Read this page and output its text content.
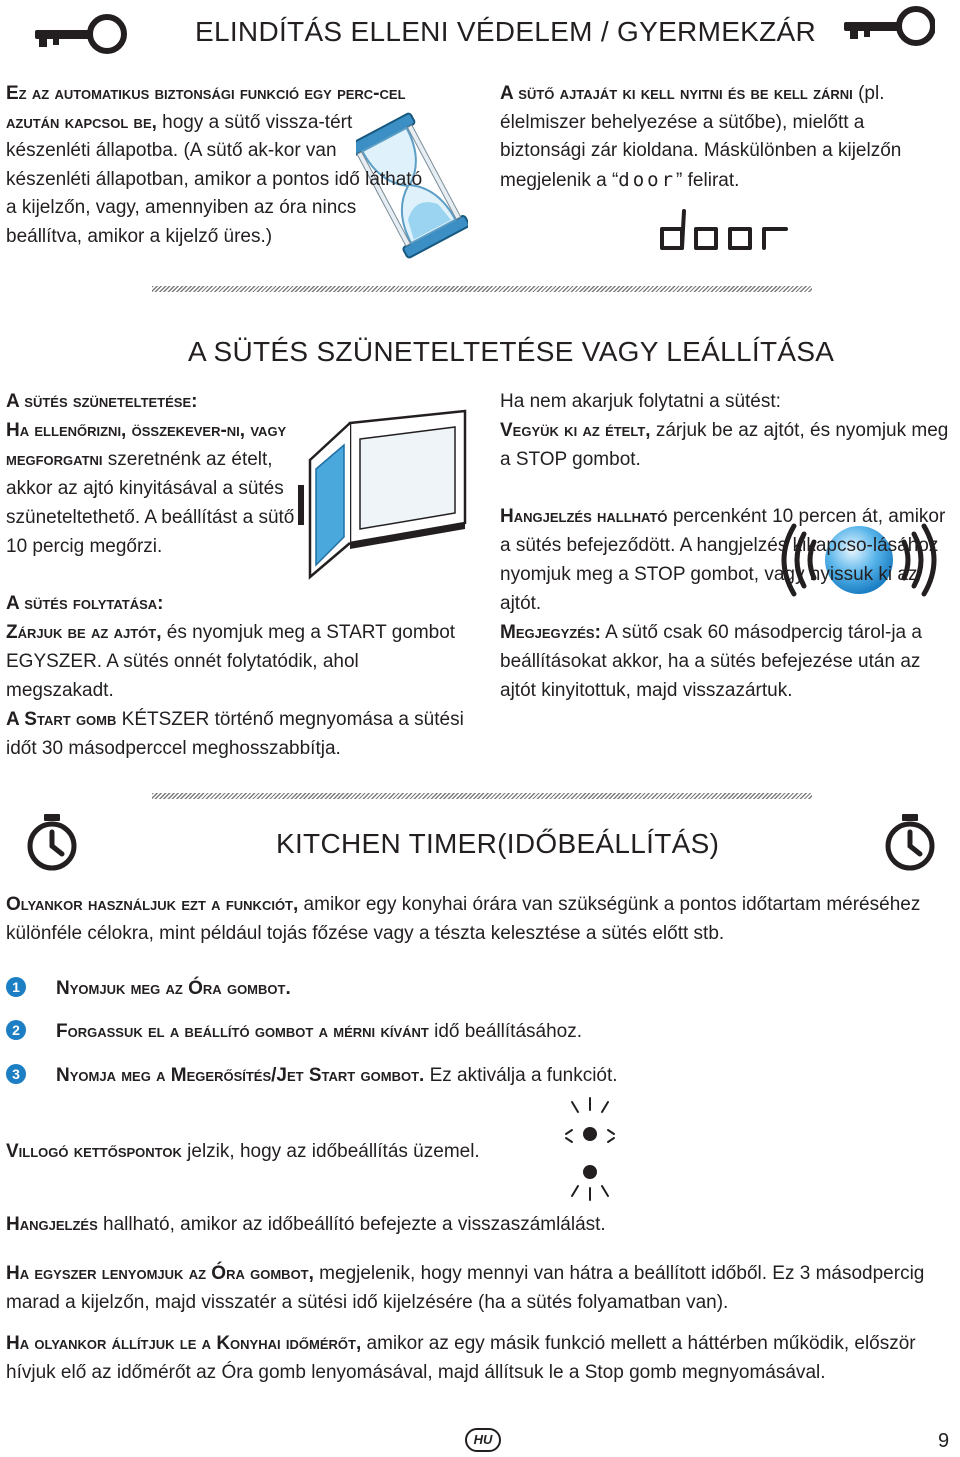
ELINDÍTÁS ELLENI VÉDELEM / GYERMEKZÁR
Ez az automatikus biztonsági funkció egy perc-cel azután kapcsol be, hogy a sütő vissza-tért készenléti állapotba. (A sütő ak-kor van készenléti állapotban, amikor a pontos idő látható a kijelzőn, vagy, amennyiben az óra nincs beállítva, amikor a kijelző üres.)
A sütő ajtaját ki kell nyitni és be kell zárni (pl. élelmiszer behelyezése a sütőbe), mielőtt a biztonsági zár kioldana. Máskülönben a kijelzőn megjelenik a “door” felirat.
A SÜTÉS SZÜNETELTETÉSE VAGY LEÁLLÍTÁSA
A sütés szüneteltetése:
Ha ellenőrizni, összekever-ni, vagy megforgatni szeretnénk az ételt, akkor az ajtó kinyitásával a sütés szüneteltethető. A beállítást a sütő 10 percig megőrzi.
A sütés folytatása:
Zárjuk be az ajtót, és nyomjuk meg a START gombot EGYSZER. A sütés onnét folytatódik, ahol megszakadt.
A Start gomb KÉTSZER történő megnyomása a sütési időt 30 másodperccel meghosszabbítja.
Ha nem akarjuk folytatni a sütést:
Vegyük ki az ételt, zárjuk be az ajtót, és nyomjuk meg a STOP gombot.
Hangjelzés hallható percenként 10 percen át, amikor a sütés befejeződött. A hangjelzés kikapcso-lásához nyomjuk meg a STOP gombot, vagy nyissuk ki az ajtót.
Megjegyzés: A sütő csak 60 másodpercig tárol-ja a beállításokat akkor, ha a sütés befejezése után az ajtót kinyitottuk, majd visszazártuk.
KITCHEN TIMER(IDŐBEÁLLÍTÁS)
Olyankor használjuk ezt a funkciót, amikor egy konyhai órára van szükségünk a pontos időtartam méréséhez különféle célokra, mint például tojás főzése vagy a tészta kelesztése a sütés előtt stb.
1	Nyomjuk meg az Óra gombot.
2	Forgassuk el a beállító gombot a mérni kívánt idő beállításához.
3	Nyomja meg a Megerősítés/Jet Start gombot. Ez aktiválja a funkciót.
Villogó kettőspontok jelzik, hogy az időbeállítás üzemel.
Hangjelzés hallható, amikor az időbeállító befejezte a visszaszámlálást.
Ha egyszer lenyomjuk az Óra gombot, megjelenik, hogy mennyi van hátra a beállított időből. Ez 3 másodpercig marad a kijelzőn, majd visszatér a sütési idő kijelzésére (ha a sütés folyamatban van).
Ha olyankor állítjuk le a Konyhai időmérőt, amikor az egy másik funkció mellett a háttérben működik, először hívjuk elő az időmérőt az Óra gomb lenyomásával, majd állítsuk le a Stop gomb megnyomásával.
HU	9
